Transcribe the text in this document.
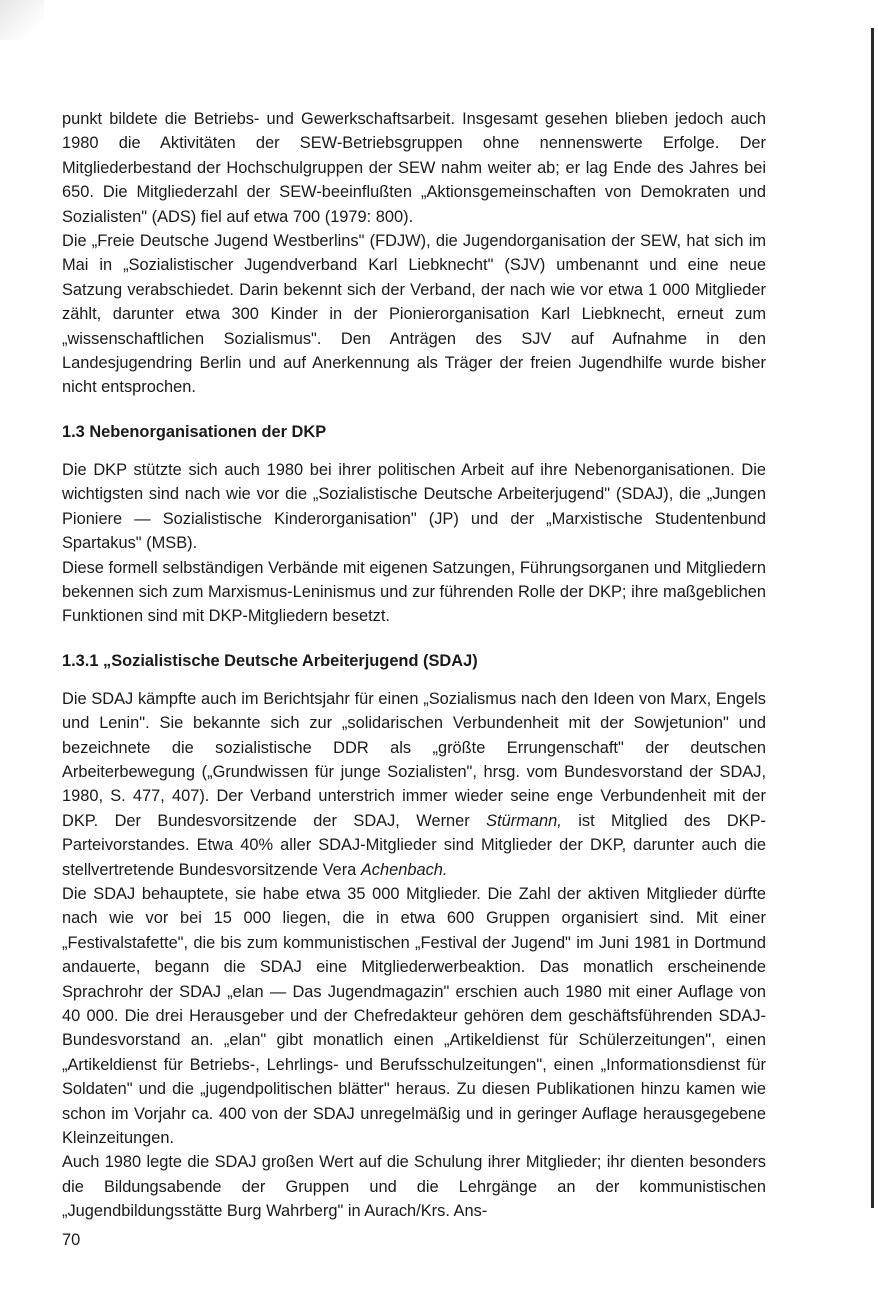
punkt bildete die Betriebs- und Gewerkschaftsarbeit. Insgesamt gesehen blieben jedoch auch 1980 die Aktivitäten der SEW-Betriebsgruppen ohne nennenswerte Erfolge. Der Mitgliederbestand der Hochschulgruppen der SEW nahm weiter ab; er lag Ende des Jahres bei 650. Die Mitgliederzahl der SEW-beeinflußten „Aktionsgemeinschaften von Demokraten und Sozialisten" (ADS) fiel auf etwa 700 (1979: 800).

Die „Freie Deutsche Jugend Westberlins" (FDJW), die Jugendorganisation der SEW, hat sich im Mai in „Sozialistischer Jugendverband Karl Liebknecht" (SJV) umbenannt und eine neue Satzung verabschiedet. Darin bekennt sich der Verband, der nach wie vor etwa 1 000 Mitglieder zählt, darunter etwa 300 Kinder in der Pionierorganisation Karl Liebknecht, erneut zum „wissenschaftlichen Sozialismus". Den Anträgen des SJV auf Aufnahme in den Landesjugendring Berlin und auf Anerkennung als Träger der freien Jugendhilfe wurde bisher nicht entsprochen.

1.3 Nebenorganisationen der DKP

Die DKP stützte sich auch 1980 bei ihrer politischen Arbeit auf ihre Nebenorganisationen. Die wichtigsten sind nach wie vor die „Sozialistische Deutsche Arbeiterjugend" (SDAJ), die „Jungen Pioniere — Sozialistische Kinderorganisation" (JP) und der „Marxistische Studentenbund Spartakus" (MSB).

Diese formell selbständigen Verbände mit eigenen Satzungen, Führungsorganen und Mitgliedern bekennen sich zum Marxismus-Leninismus und zur führenden Rolle der DKP; ihre maßgeblichen Funktionen sind mit DKP-Mitgliedern besetzt.

1.3.1 „Sozialistische Deutsche Arbeiterjugend (SDAJ)

Die SDAJ kämpfte auch im Berichtsjahr für einen „Sozialismus nach den Ideen von Marx, Engels und Lenin". Sie bekannte sich zur „solidarischen Verbundenheit mit der Sowjetunion" und bezeichnete die sozialistische DDR als „größte Errungenschaft" der deutschen Arbeiterbewegung („Grundwissen für junge Sozialisten", hrsg. vom Bundesvorstand der SDAJ, 1980, S. 477, 407). Der Verband unterstrich immer wieder seine enge Verbundenheit mit der DKP. Der Bundesvorsitzende der SDAJ, Werner Stürmann, ist Mitglied des DKP-Parteivorstandes. Etwa 40% aller SDAJ-Mitglieder sind Mitglieder der DKP, darunter auch die stellvertretende Bundesvorsitzende Vera Achenbach.

Die SDAJ behauptete, sie habe etwa 35 000 Mitglieder. Die Zahl der aktiven Mitglieder dürfte nach wie vor bei 15 000 liegen, die in etwa 600 Gruppen organisiert sind. Mit einer „Festivalstafette", die bis zum kommunistischen „Festival der Jugend" im Juni 1981 in Dortmund andauerte, begann die SDAJ eine Mitgliederwerbeaktion. Das monatlich erscheinende Sprachrohr der SDAJ „elan — Das Jugendmagazin" erschien auch 1980 mit einer Auflage von 40 000. Die drei Herausgeber und der Chefredakteur gehören dem geschäftsführenden SDAJ-Bundesvorstand an. „elan" gibt monatlich einen „Artikeldienst für Schülerzeitungen", einen „Artikeldienst für Betriebs-, Lehrlings- und Berufsschulzeitungen", einen „Informationsdienst für Soldaten" und die „jugendpolitischen blätter" heraus. Zu diesen Publikationen hinzu kamen wie schon im Vorjahr ca. 400 von der SDAJ unregelmäßig und in geringer Auflage herausgegebene Kleinzeitungen.

Auch 1980 legte die SDAJ großen Wert auf die Schulung ihrer Mitglieder; ihr dienten besonders die Bildungsabende der Gruppen und die Lehrgänge an der kommunistischen „Jugendbildungsstätte Burg Wahrberg" in Aurach/Krs. Ans-

70
